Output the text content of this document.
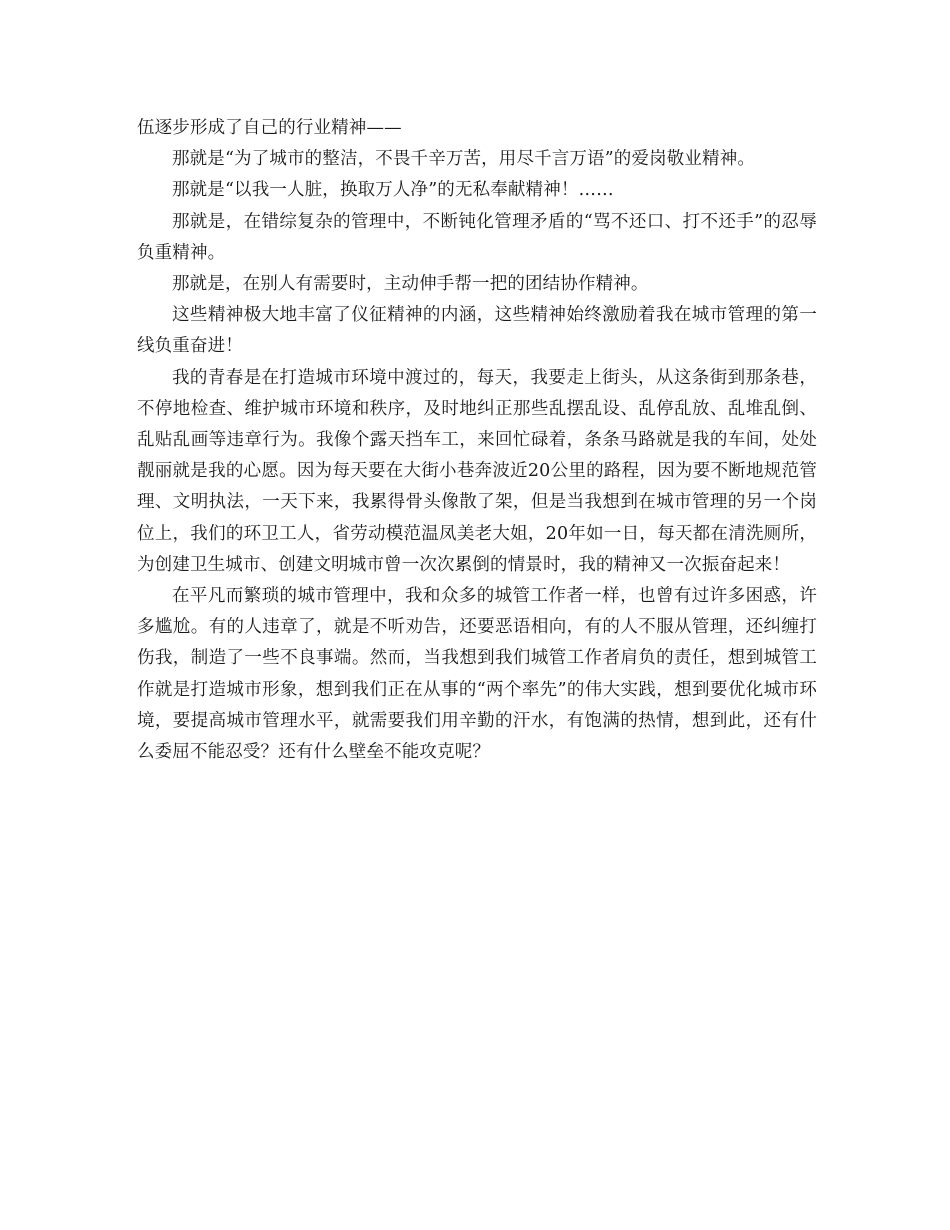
伍逐步形成了自己的行业精神——

那就是“为了城市的整洁，不畏千辛万苦，用尽千言万语”的爱岗敬业精神。

那就是“以我一人脏，换取万人净”的无私奉献精神！……

那就是，在错综复杂的管理中，不断钝化管理矛盾的“骂不还口、打不还手”的忍辱负重精神。

那就是，在别人有需要时，主动伸手帮一把的团结协作精神。

这些精神极大地丰富了仪征精神的内涵，这些精神始终激励着我在城市管理的第一线负重奋进！

我的青春是在打造城市环境中渡过的，每天，我要走上街头，从这条街到那条巷，不停地检查、维护城市环境和秩序，及时地纠正那些乱摆乱设、乱停乱放、乱堆乱倒、乱贴乱画等违章行为。我像个露天挡车工，来回忙碌着，条条马路就是我的车间，处处靓丽就是我的心愿。因为每天要在大街小巷奔波近20公里的路程，因为要不断地规范管理、文明执法，一天下来，我累得骨头像散了架，但是当我想到在城市管理的另一个岗位上，我们的环卫工人，省劳动模范温凤美老大姐，20年如一日，每天都在清洗厕所，为创建卫生城市、创建文明城市曾一次次累倒的情景时，我的精神又一次振奋起来！

在平凡而繁琐的城市管理中，我和众多的城管工作者一样，也曾有过许多困惑，许多尴尬。有的人违章了，就是不听劝告，还要恶语相向，有的人不服从管理，还纠缠打伤我，制造了一些不良事端。然而，当我想到我们城管工作者肩负的责任，想到城管工作就是打造城市形象，想到我们正在从事的“两个率先”的伟大实践，想到要优化城市环境，要提高城市管理水平，就需要我们用辛勤的汗水，有饱满的热情，想到此，还有什么委屈不能忍受？还有什么壁垒不能攻克呢？
